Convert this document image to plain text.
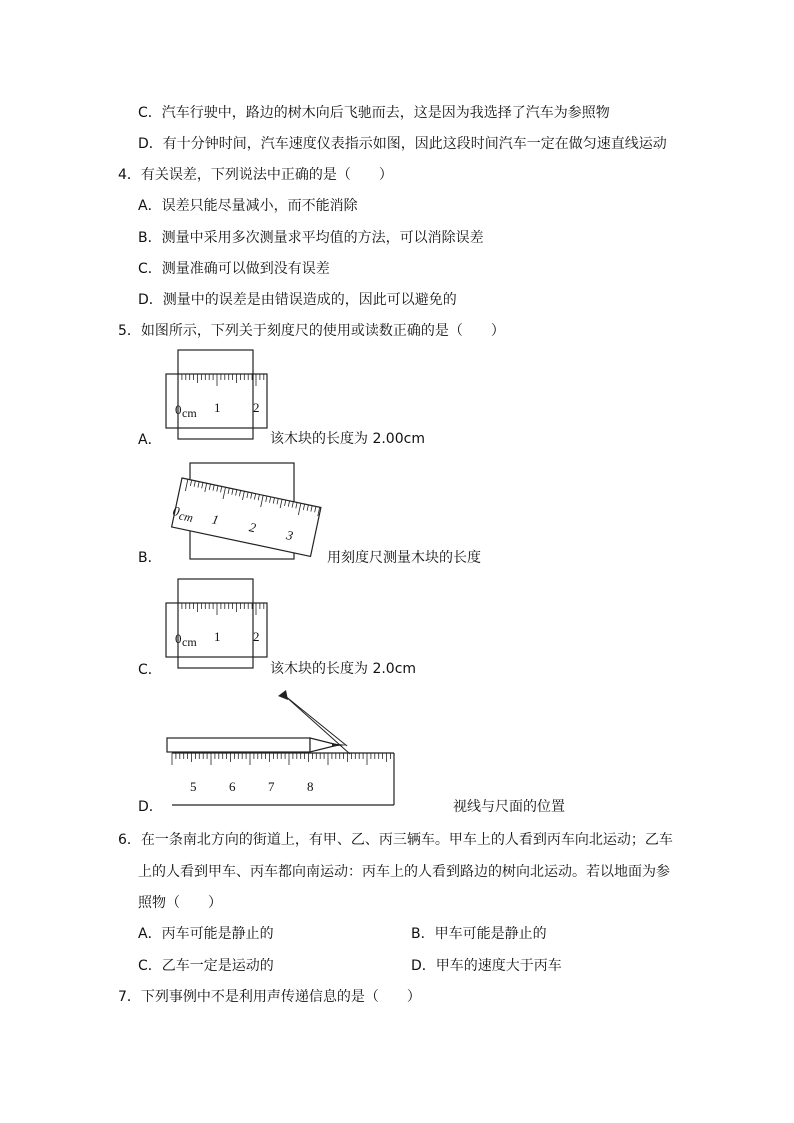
C．汽车行驶中，路边的树木向后飞驰而去，这是因为我选择了汽车为参照物
D．有十分钟时间，汽车速度仪表指示如图，因此这段时间汽车一定在做匀速直线运动
4．有关误差，下列说法中正确的是（　　）
A．误差只能尽量减小，而不能消除
B．测量中采用多次测量求平均值的方法，可以消除误差
C．测量准确可以做到没有误差
D．测量中的误差是由错误造成的，因此可以避免的
5．如图所示，下列关于刻度尺的使用或读数正确的是（　　）
A．
0 cm 1	2
该木块的长度为 2.00cm
B．
0
cm 1 2 3
用刻度尺测量木块的长度
C．
0 cm 1	2
该木块的长度为 2.0cm
D．
5	6	7	8
视线与尺面的位置
6．在一条南北方向的街道上，有甲、乙、丙三辆车。甲车上的人看到丙车向北运动；乙车
上的人看到甲车、丙车都向南运动：丙车上的人看到路边的树向北运动。若以地面为参
照物（　　）
A．丙车可能是静止的	B．甲车可能是静止的
C．乙车一定是运动的	D．甲车的速度大于丙车
7．下列事例中不是利用声传递信息的是（　　）
